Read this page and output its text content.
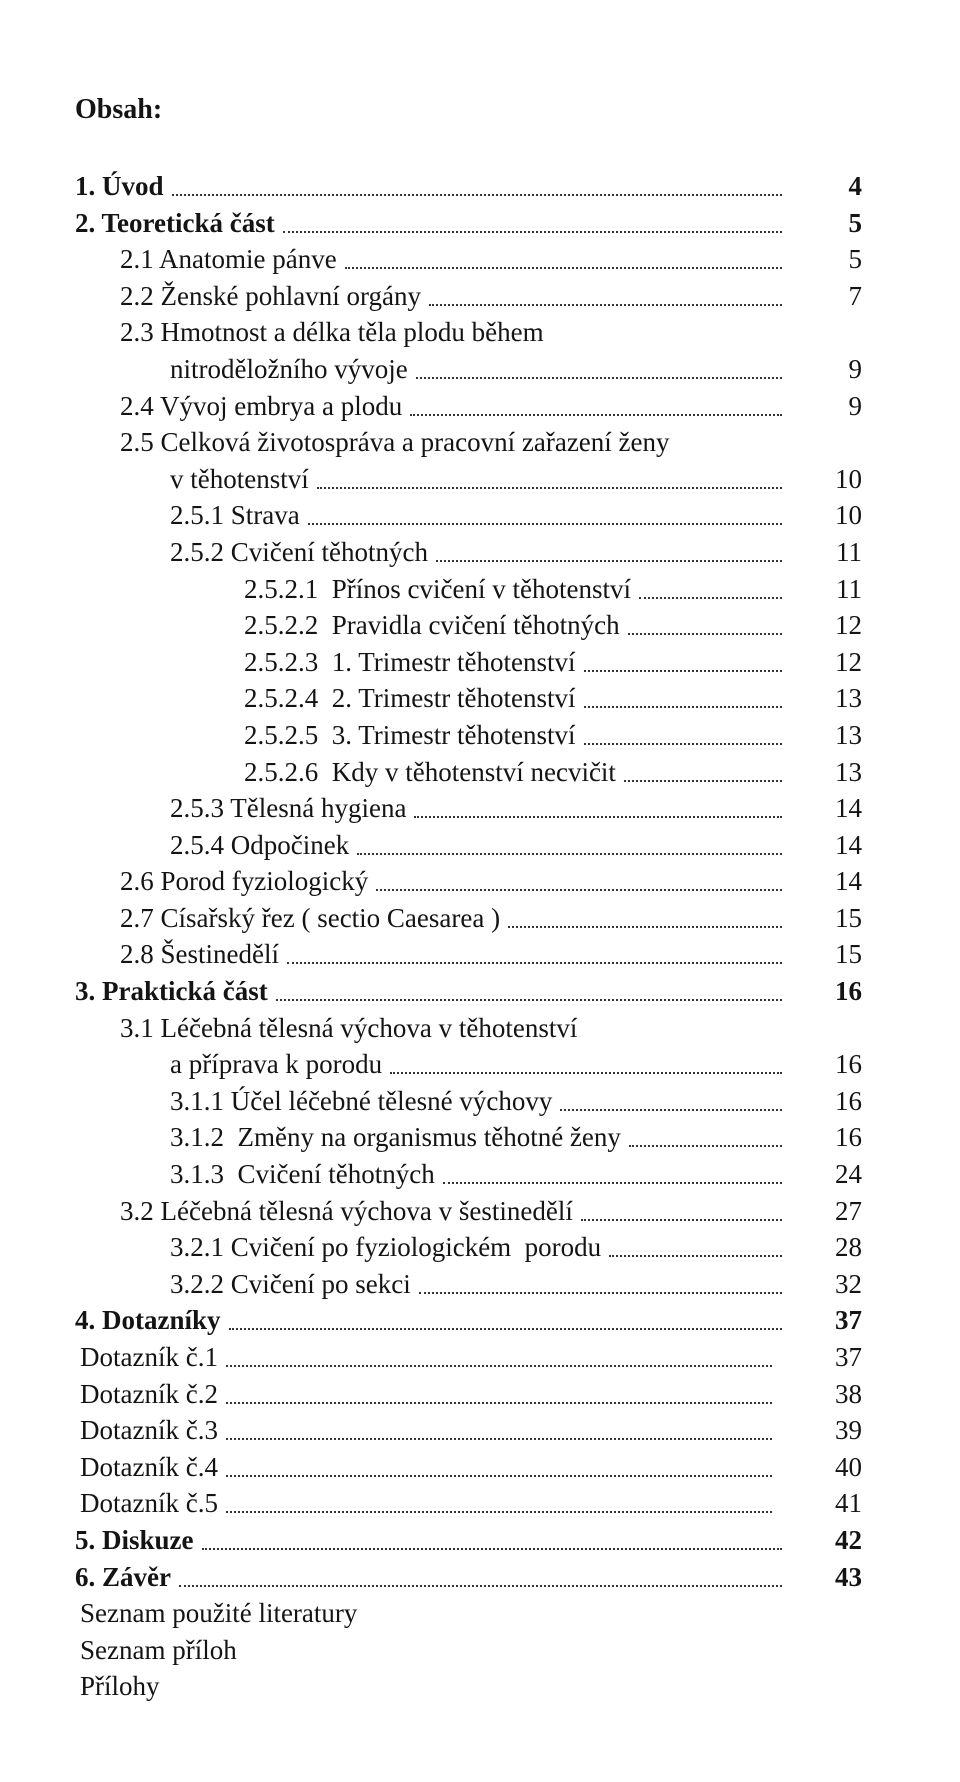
Obsah:
1. Úvod	4
2. Teoretická část	5
2.1 Anatomie pánve	5
2.2 Ženské pohlavní orgány	7
2.3 Hmotnost a délka těla plodu během
nitroděložního vývoje	9
2.4 Vývoj embrya a plodu	9
2.5 Celková životospráva a pracovní zařazení ženy
v těhotenství	10
2.5.1 Strava	10
2.5.2 Cvičení těhotných	11
2.5.2.1  Přínos cvičení v těhotenství	11
2.5.2.2  Pravidla cvičení těhotných	12
2.5.2.3  1. Trimestr těhotenství	12
2.5.2.4  2. Trimestr těhotenství	13
2.5.2.5  3. Trimestr těhotenství	13
2.5.2.6  Kdy v těhotenství necvičit	13
2.5.3 Tělesná hygiena	14
2.5.4 Odpočinek	14
2.6 Porod fyziologický	14
2.7 Císařský řez ( sectio Caesarea )	15
2.8 Šestinedělí	15
3. Praktická část	16
3.1 Léčebná tělesná výchova v těhotenství
a příprava k porodu	16
3.1.1 Účel léčebné tělesné výchovy	16
3.1.2  Změny na organismus těhotné ženy	16
3.1.3  Cvičení těhotných	24
3.2 Léčebná tělesná výchova v šestinedělí	27
3.2.1 Cvičení po fyziologickém  porodu	28
3.2.2 Cvičení po sekci	32
4. Dotazníky	37
Dotazník č.1	37
Dotazník č.2	38
Dotazník č.3	39
Dotazník č.4	40
Dotazník č.5	41
5. Diskuze	42
6. Závěr	43
Seznam použité literatury
Seznam příloh
Přílohy
